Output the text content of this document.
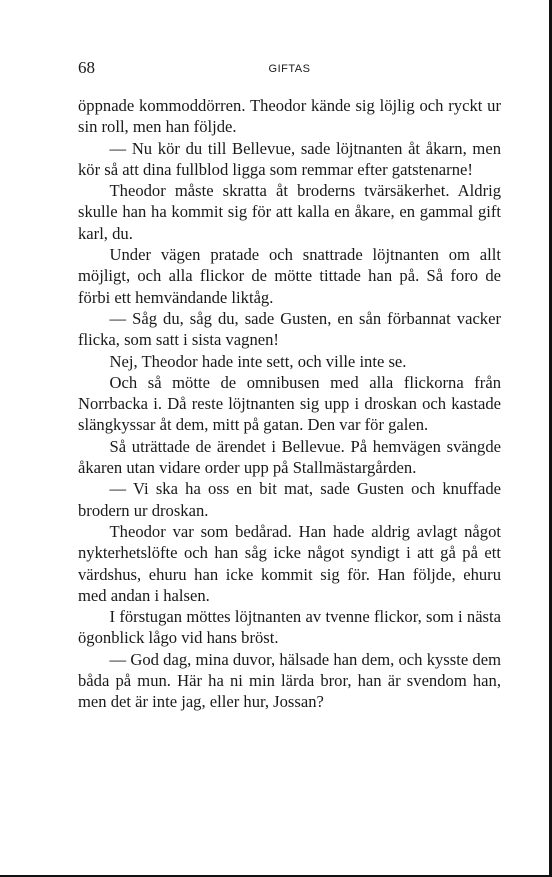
68	GIFTAS

öppnade kommoddörren. Theodor kände sig löjlig och ryckt ur sin roll, men han följde.

— Nu kör du till Bellevue, sade löjtnanten åt åkarn, men kör så att dina fullblod ligga som remmar efter gatstenarne!

Theodor måste skratta åt broderns tvärsäkerhet. Aldrig skulle han ha kommit sig för att kalla en åkare, en gammal gift karl, du.

Under vägen pratade och snattrade löjtnanten om allt möjligt, och alla flickor de mötte tittade han på. Så foro de förbi ett hemvändande liktåg.

— Såg du, såg du, sade Gusten, en sån förbannat vacker flicka, som satt i sista vagnen!

Nej, Theodor hade inte sett, och ville inte se.

Och så mötte de omnibusen med alla flickorna från Norrbacka i. Då reste löjtnanten sig upp i droskan och kastade slängkyssar åt dem, mitt på gatan. Den var för galen.

Så uträttade de ärendet i Bellevue. På hemvägen svängde åkaren utan vidare order upp på Stallmästargården.

— Vi ska ha oss en bit mat, sade Gusten och knuffade brodern ur droskan.

Theodor var som bedårad. Han hade aldrig avlagt något nykterhetslöfte och han såg icke något syndigt i att gå på ett värdshus, ehuru han icke kommit sig för. Han följde, ehuru med andan i halsen.

I förstugan möttes löjtnanten av tvenne flickor, som i nästa ögonblick lågo vid hans bröst.

— God dag, mina duvor, hälsade han dem, och kysste dem båda på mun. Här ha ni min lärda bror, han är svendom han, men det är inte jag, eller hur, Jossan?
